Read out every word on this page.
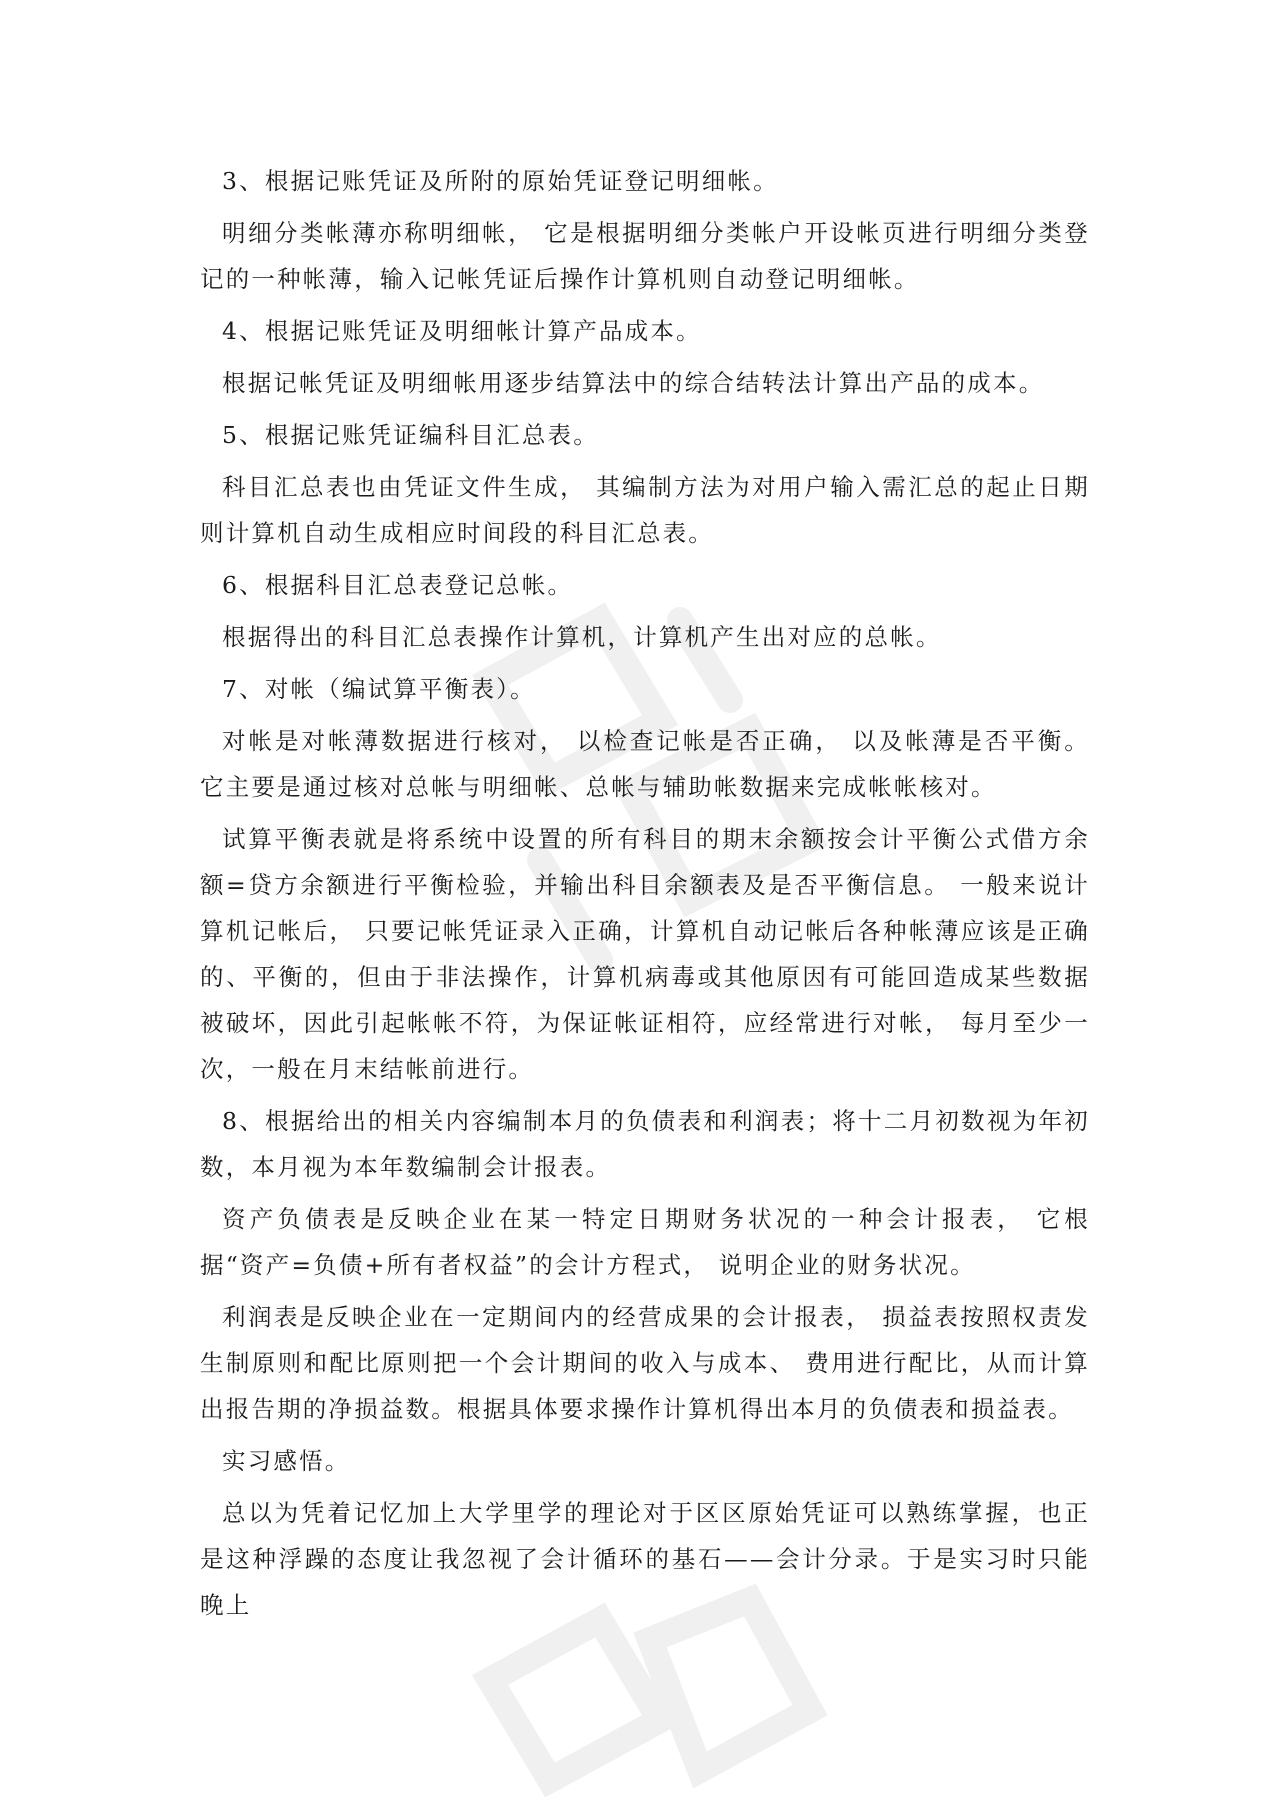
3、根据记账凭证及所附的原始凭证登记明细帐。

明细分类帐薄亦称明细帐， 它是根据明细分类帐户开设帐页进行明细分类登记的一种帐薄，输入记帐凭证后操作计算机则自动登记明细帐。

4、根据记账凭证及明细帐计算产品成本。

根据记帐凭证及明细帐用逐步结算法中的综合结转法计算出产品的成本。

5、根据记账凭证编科目汇总表。

科目汇总表也由凭证文件生成， 其编制方法为对用户输入需汇总的起止日期则计算机自动生成相应时间段的科目汇总表。

6、根据科目汇总表登记总帐。

根据得出的科目汇总表操作计算机，计算机产生出对应的总帐。

7、对帐（编试算平衡表）。

对帐是对帐薄数据进行核对， 以检查记帐是否正确， 以及帐薄是否平衡。 它主要是通过核对总帐与明细帐、总帐与辅助帐数据来完成帐帐核对。

试算平衡表就是将系统中设置的所有科目的期末余额按会计平衡公式借方余额=贷方余额进行平衡检验，并输出科目余额表及是否平衡信息。 一般来说计算机记帐后， 只要记帐凭证录入正确，计算机自动记帐后各种帐薄应该是正确的、平衡的，但由于非法操作，计算机病毒或其他原因有可能回造成某些数据被破坏，因此引起帐帐不符，为保证帐证相符，应经常进行对帐， 每月至少一次，一般在月末结帐前进行。

8、根据给出的相关内容编制本月的负债表和利润表；将十二月初数视为年初数，本月视为本年数编制会计报表。

资产负债表是反映企业在某一特定日期财务状况的一种会计报表， 它根据“资产=负债+所有者权益”的会计方程式， 说明企业的财务状况。

利润表是反映企业在一定期间内的经营成果的会计报表， 损益表按照权责发生制原则和配比原则把一个会计期间的收入与成本、 费用进行配比，从而计算出报告期的净损益数。根据具体要求操作计算机得出本月的负债表和损益表。

实习感悟。

总以为凭着记忆加上大学里学的理论对于区区原始凭证可以熟练掌握，也正是这种浮躁的态度让我忽视了会计循环的基石——会计分录。于是实习时只能晚上
